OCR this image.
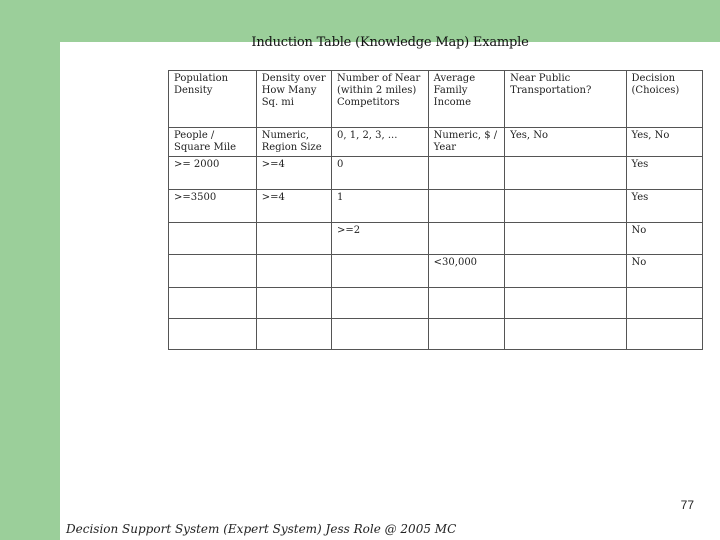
Induction Table (Knowledge Map) Example
Population Density	Density over How Many Sq. mi	Number of Near (within 2 miles) Competitors	Average Family Income	Near Public Transportation?	Decision (Choices)
People / Square Mile	Numeric, Region Size	0, 1, 2, 3, ...	Numeric, $ / Year	Yes, No	Yes, No
>= 2000	>=4	0			Yes
>=3500	>=4	1			Yes
		>=2			No
			<30,000		No

77
Decision Support System (Expert System) Jess Role @ 2005 MC
